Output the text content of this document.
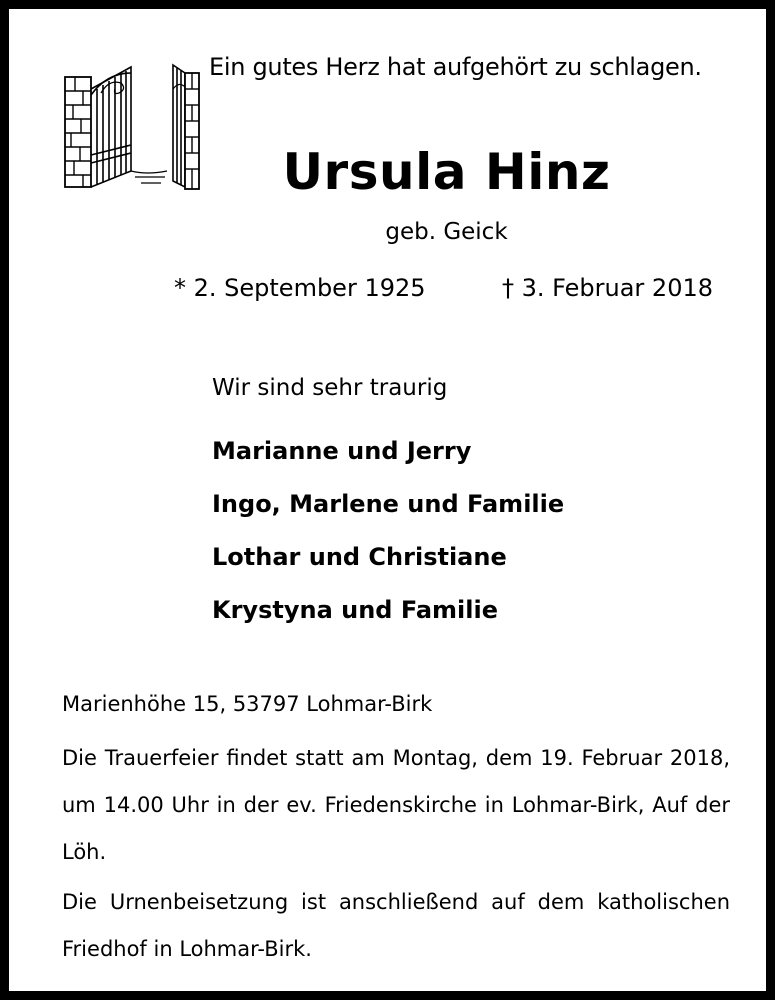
Ein gutes Herz hat aufgehört zu schlagen.
Ursula Hinz
geb. Geick
* 2. September 1925	† 3. Februar 2018
Wir sind sehr traurig
Marianne und Jerry
Ingo, Marlene und Familie
Lothar und Christiane
Krystyna und Familie
Marienhöhe 15, 53797 Lohmar-Birk

Die Trauerfeier findet statt am Montag, dem 19. Februar 2018, um 14.00 Uhr in der ev. Friedenskirche in Lohmar-Birk, Auf der Löh.

Die Urnenbeisetzung ist anschließend auf dem katholischen Friedhof in Lohmar-Birk.
